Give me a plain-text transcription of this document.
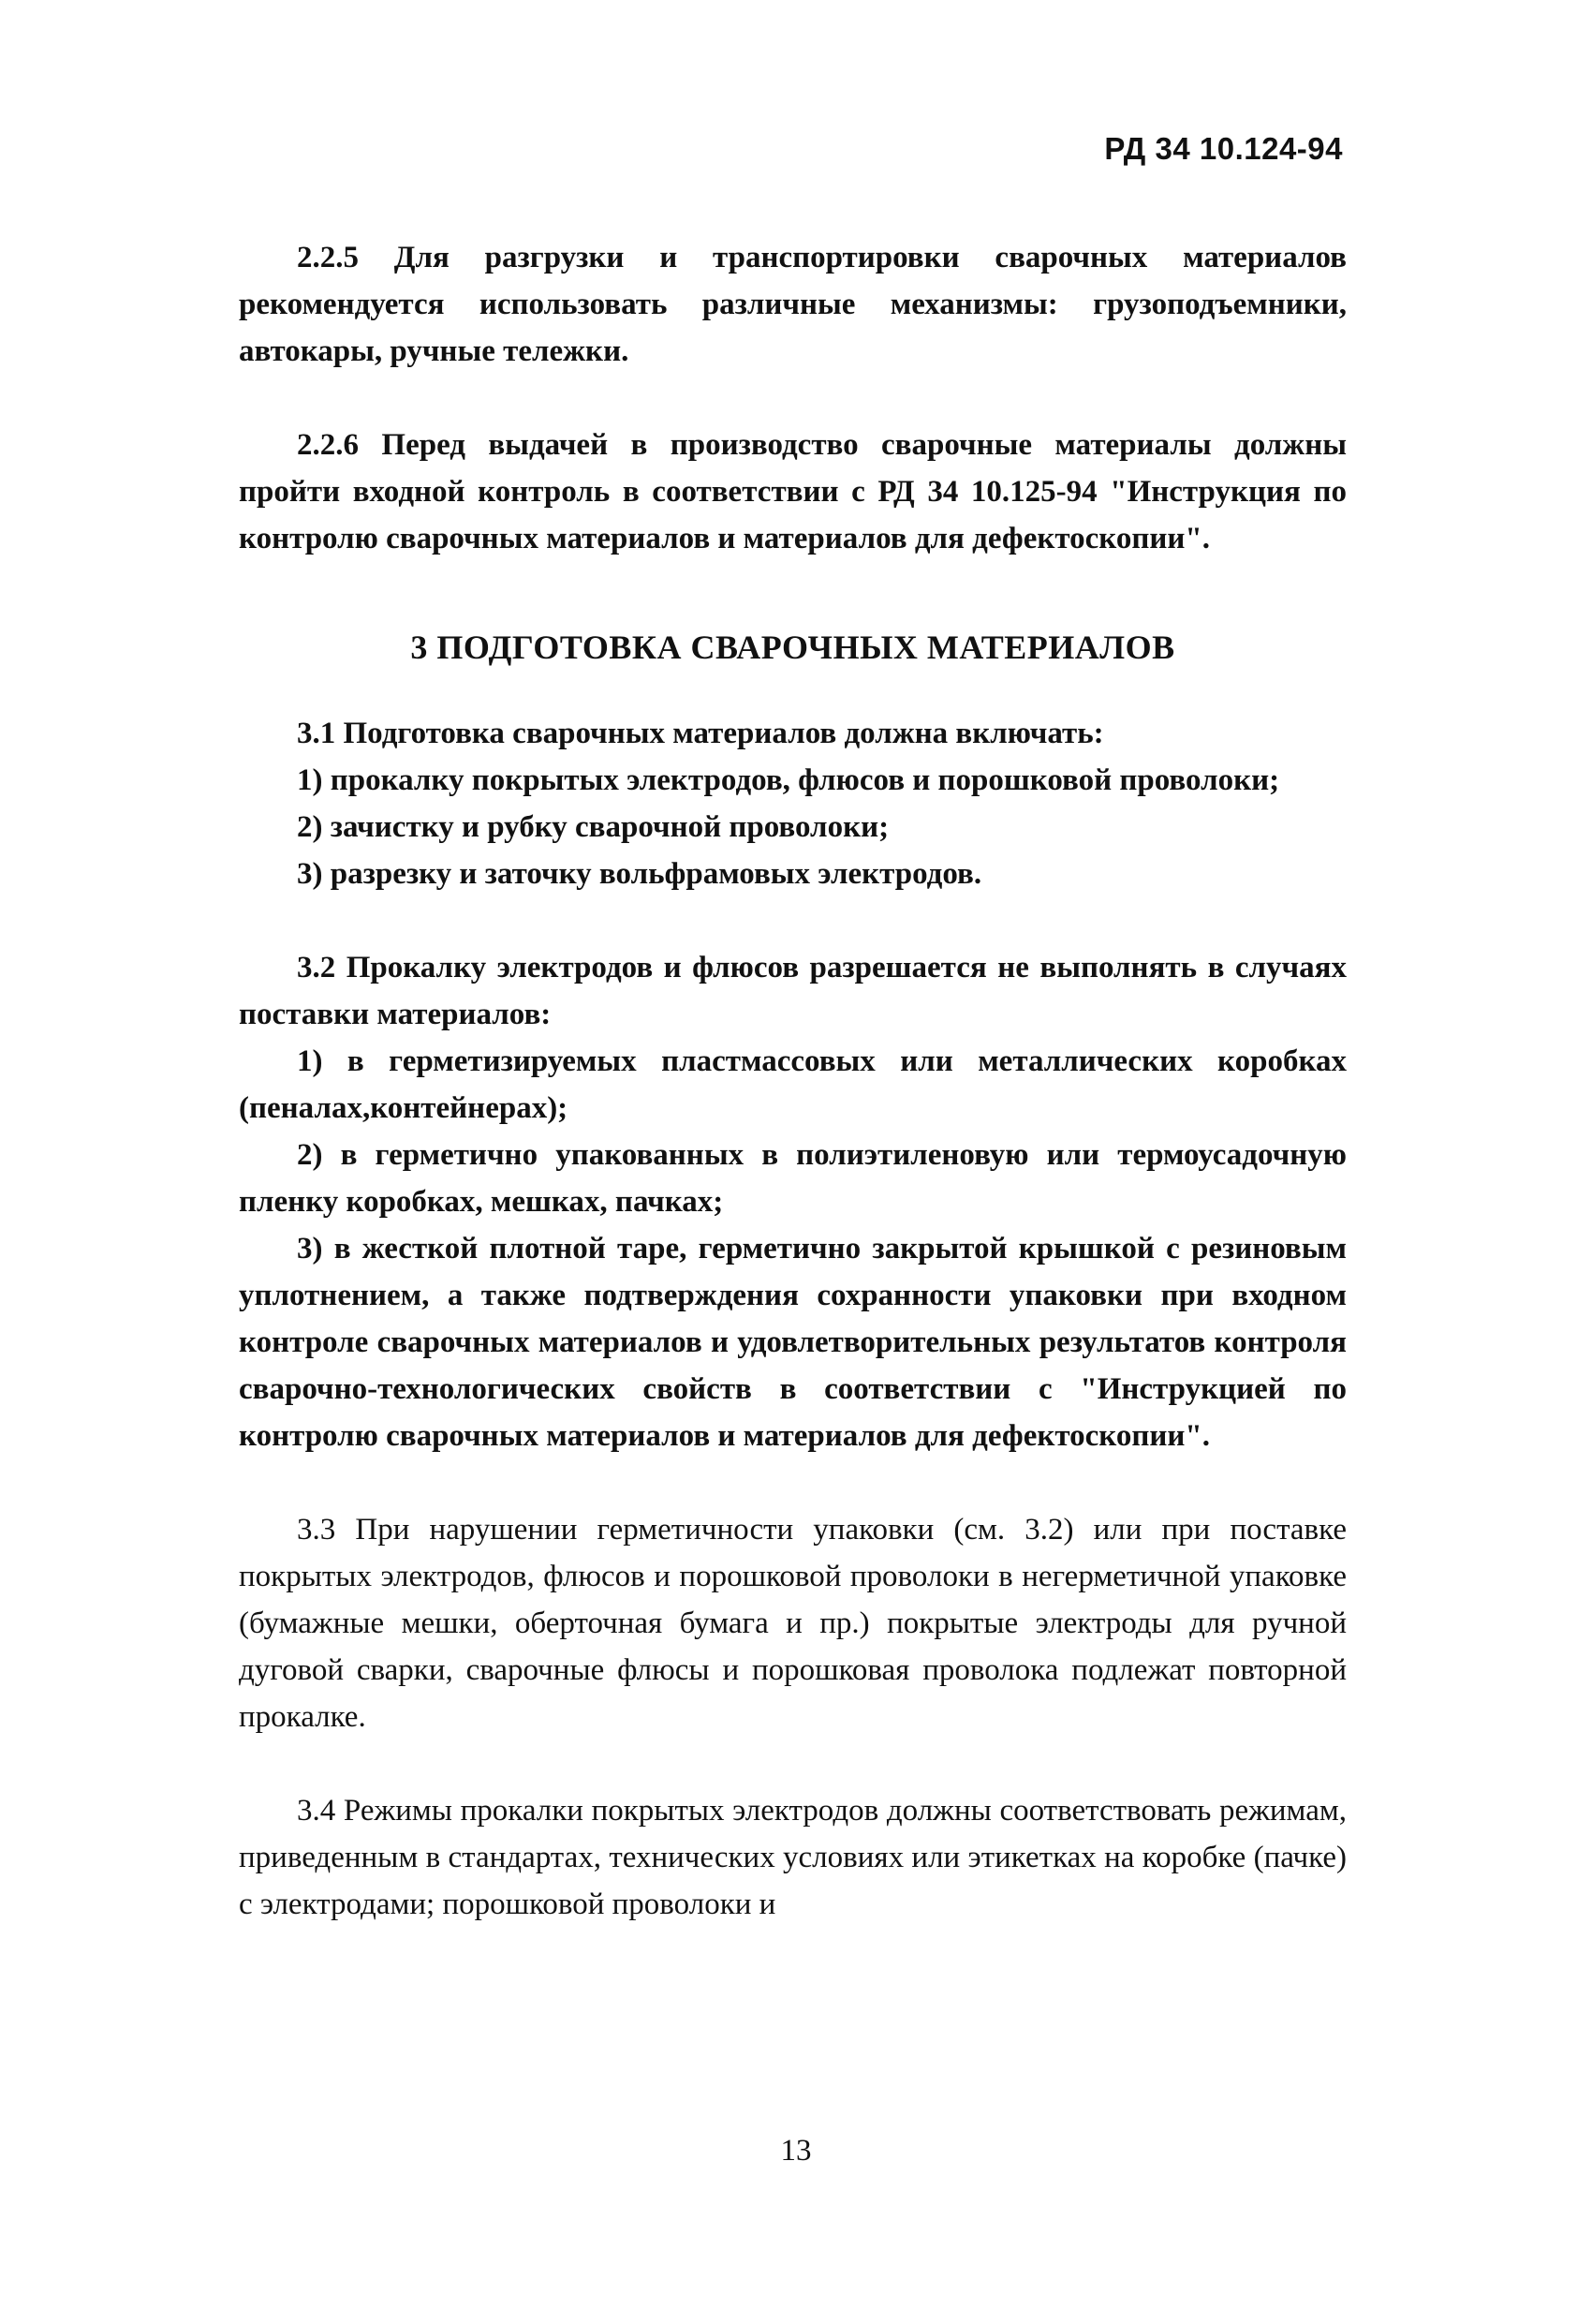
РД 34 10.124-94

2.2.5 Для разгрузки и транспортировки сварочных материалов рекомендуется использовать различные механизмы: грузоподъемники, автокары, ручные тележки.

2.2.6 Перед выдачей в производство сварочные материалы должны пройти входной контроль в соответствии с РД 34 10.125-94 "Инструкция по контролю сварочных материалов и материалов для дефектоскопии".

3 ПОДГОТОВКА СВАРОЧНЫХ МАТЕРИАЛОВ

3.1 Подготовка сварочных материалов должна включать:

1) прокалку покрытых электродов, флюсов и порошковой проволоки;

2) зачистку и рубку сварочной проволоки;

3) разрезку и заточку вольфрамовых электродов.

3.2 Прокалку электродов и флюсов разрешается не выполнять в случаях поставки материалов:

1) в герметизируемых пластмассовых или металлических коробках (пеналах,контейнерах);

2) в герметично упакованных в полиэтиленовую или термоусадочную пленку коробках, мешках, пачках;

3) в жесткой плотной таре, герметично закрытой крышкой с резиновым уплотнением, а также подтверждения сохранности упаковки при входном контроле сварочных материалов и удовлетворительных результатов контроля сварочно-технологических свойств в соответствии с "Инструкцией по контролю сварочных материалов и материалов для дефектоскопии".

3.3 При нарушении герметичности упаковки (см. 3.2) или при поставке покрытых электродов, флюсов и порошковой проволоки в негерметичной упаковке (бумажные мешки, оберточная бумага и пр.) покрытые электроды для ручной дуговой сварки, сварочные флюсы и порошковая проволока подлежат повторной прокалке.

3.4 Режимы прокалки покрытых электродов должны соответствовать режимам, приведенным в стандартах, технических условиях или этикетках на коробке (пачке) с электродами; порошковой проволоки и

13
